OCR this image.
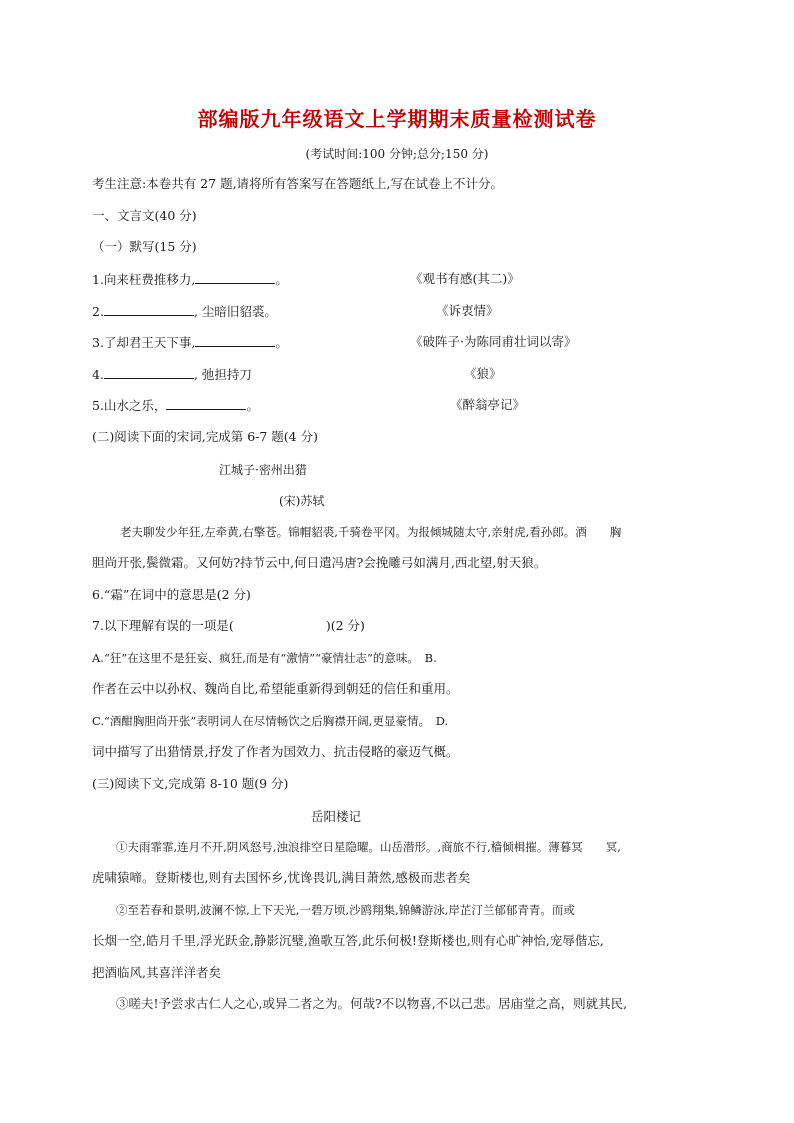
部编版九年级语文上学期期末质量检测试卷
(考试时间:100 分钟;总分;150 分)
考生注意:本卷共有 27 题,请将所有答案写在答题纸上,写在试卷上不计分。
一、文言文(40 分)
（一）默写(15 分)
1.向来枉费推移力,	。	《观书有感(其二)》
2.	, 尘暗旧貂裘。	《诉衷情》
3.了却君王天下事,	。	《破阵子·为陈同甫壮词以寄》
4.	, 弛担持刀	《狼》
5.山水之乐，	。	《醉翁亭记》
(二)阅读下面的宋词,完成第 6-7 题(4 分)
江城子·密州出猎
(宋)苏轼
老夫聊发少年狂,左牵黄,右擎苍。锦帽貂裘,千骑卷平冈。为报倾城随太守,亲射虎,看孙郎。酒　　胸
胆尚开张,鬓微霜。又何妨?持节云中,何日遣冯唐?会挽雕弓如满月,西北望,射天狼。
6.“霜”在词中的意思是(2 分)
7.以下理解有误的一项是(	)(2 分)
A.“狂”在这里不是狂妄、疯狂,而是有“激情”“豪情壮志”的意味。　B.
作者在云中以孙权、魏尚自比,希望能重新得到朝廷的信任和重用。
C.“酒酣胸胆尚开张”表明词人在尽情畅饮之后胸襟开阔,更显豪情。　D.
词中描写了出猎情景,抒发了作者为国效力、抗击侵略的豪迈气概。
(三)阅读下文,完成第 8-10 题(9 分)
岳阳楼记
①夫雨霏霏,连月不开,阴风怒号,浊浪排空日星隐曜。山岳潜形。,商旅不行,樯倾楫摧。薄暮冥　　冥,
虎啸猿啼。登斯楼也,则有去国怀乡,忧谗畏讥,满目萧然,感极而悲者矣
②至若春和景明,波澜不惊,上下天光,一碧万顷,沙鸥翔集,锦鳞游泳,岸芷汀兰郁郁青青。而或
长烟一空,皓月千里,浮光跃金,静影沉璧,渔歌互答,此乐何极!登斯楼也,则有心旷神怡,宠辱偕忘,
把酒临风,其喜洋洋者矣
③嗟夫!予尝求古仁人之心,或异二者之为。何哉?不以物喜,不以己悲。居庙堂之高，则就其民,
